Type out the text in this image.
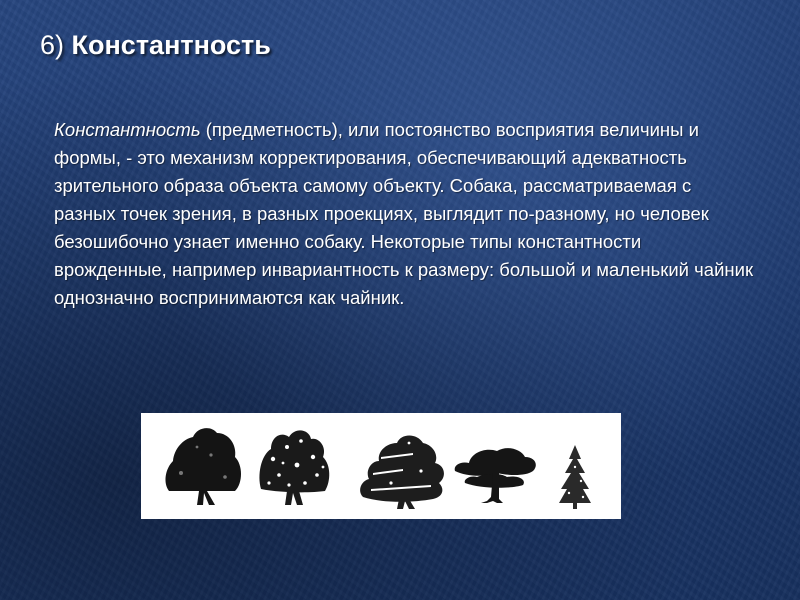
6) Константность

Константность (предметность), или постоянство восприятия величины и формы, - это механизм корректирования, обеспечивающий адекватность зрительного образа объекта самому объекту. Собака, рассматриваемая с разных точек зрения, в разных проекциях, выглядит по-разному, но человек безошибочно узнает именно собаку. Некоторые типы константности врожденные, например инвариантность к размеру: большой и маленький чайник однозначно воспринимаются как чайник.
